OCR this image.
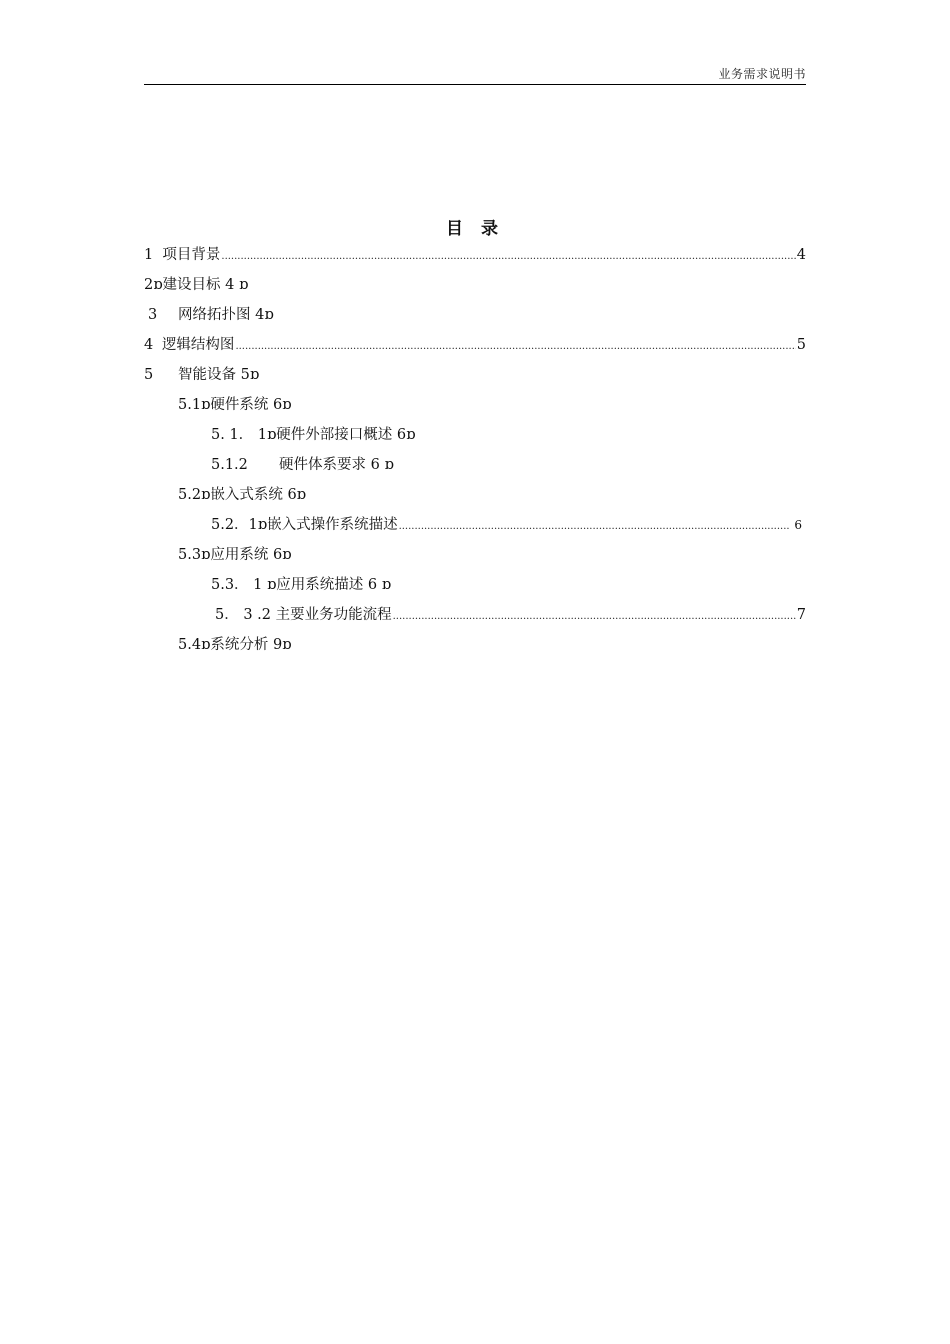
业务需求说明书
目 录
1 项目背景 .....	4
2ɒ建设目标 4 ɒ
3	网络拓扑图 4ɒ
4 逻辑结构图 .....	5
5	智能设备 5ɒ
5.1ɒ硬件系统 6ɒ
5. 1． 1ɒ硬件外部接口概述 6ɒ
5.1.2	硬件体系要求 6 ɒ
5.2ɒ嵌入式系统 6ɒ
5.2．1ɒ嵌入式操作系统描述 .....	6
5.3ɒ应用系统 6ɒ
5.3． 1 ɒ应用系统描述 6 ɒ
5． 3 .2 主要业务功能流程 .....	7
5.4ɒ系统分析 9ɒ
